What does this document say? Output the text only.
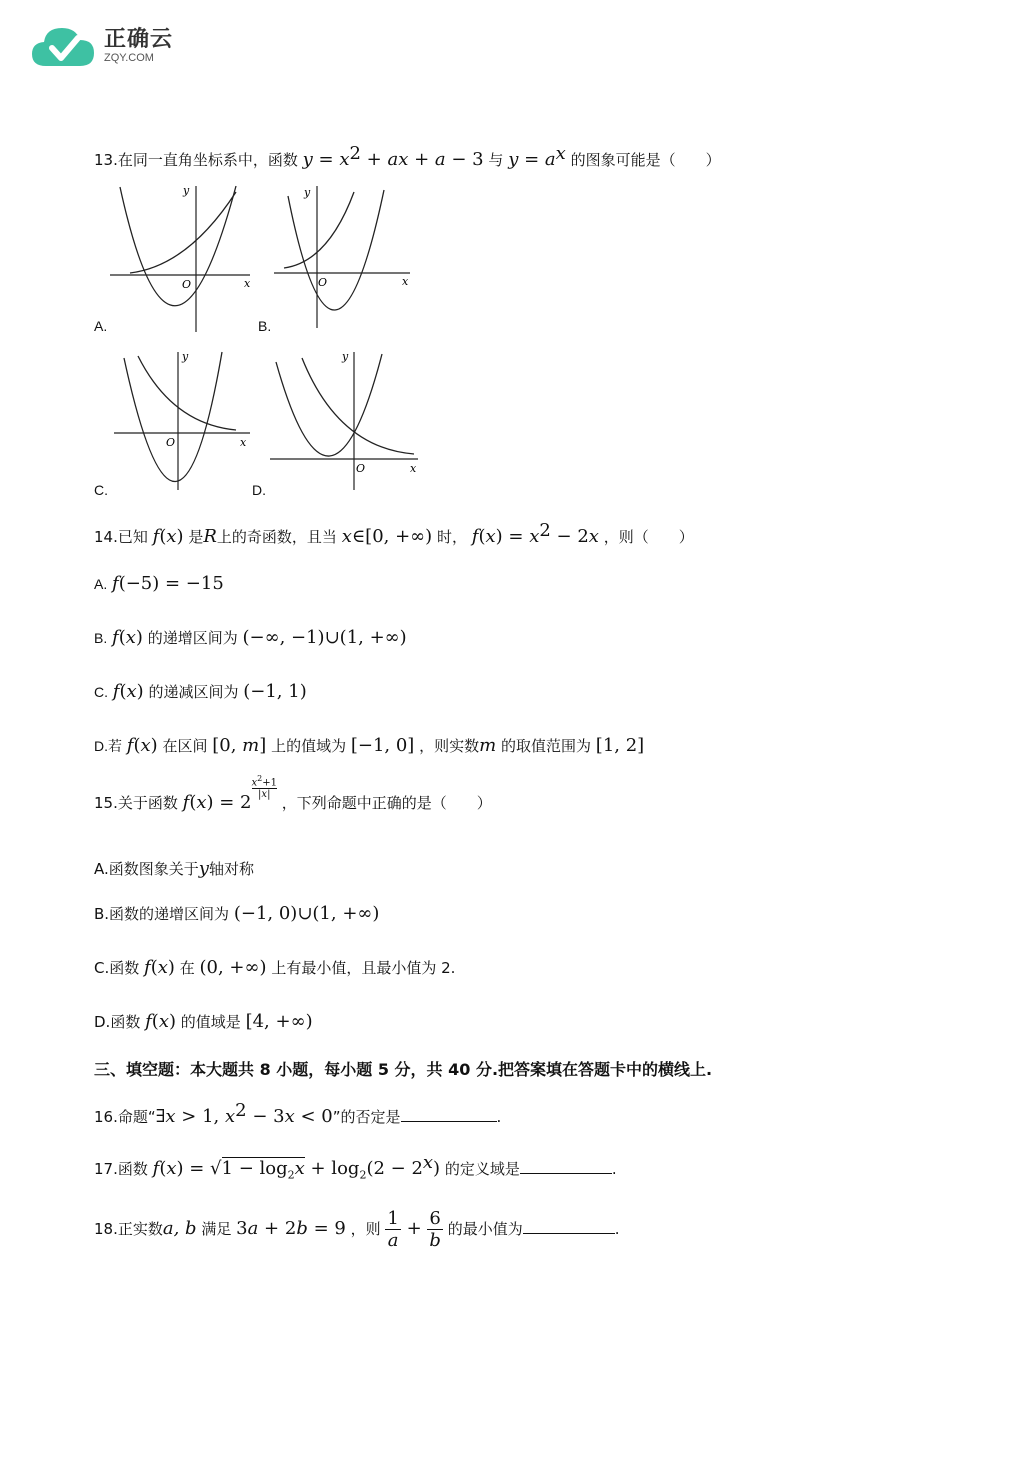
正确云
ZQY.COM
13.在同一直角坐标系中，函数 $y = x^2$ + ax + a − 3 与 $y = a^x$ 的图象可能是（　　）
y
x
O
A.
y
x
O
B.
y
x
O
C.
y
x
O
D.
14.已知 f(x) 是R上的奇函数，且当 x∈[0, +∞) 时， $f(x) = x^2 - 2x$ ，则（　　）
A. f(−5) = −15
B. f(x) 的递增区间为 (−∞, −1)∪(1, +∞)
C. f(x) 的递减区间为 (−1, 1)
D.若 f(x) 在区间 [0, m] 上的值域为 [−1, 0] ，则实数m 的取值范围为 [1, 2]
15.关于函数 f(x) = 2
$\frac{x^2+1}{|x|}$
，下列命题中正确的是（　　）
A.函数图象关于y轴对称
B.函数的递增区间为 (−1, 0)∪(1, +∞)
C.函数 f(x) 在 (0, +∞) 上有最小值，且最小值为 2.
D.函数 f(x) 的值域是 [4, +∞)
三、填空题：本大题共 8 小题，每小题 5 分，共 40 分.把答案填在答题卡中的横线上.
16.命题“∃x > 1, $x^2 - 3x < 0$”的否定是	.
17.函数 $f(x) = √1 - \log_2x + \log_2(2 - 2^x)$ 的定义域是	.
18.正实数a, b 满足 3a + 2b = 9 ，则 $\frac{1}{a} + \frac{6}{b}$ 的最小值为	.
